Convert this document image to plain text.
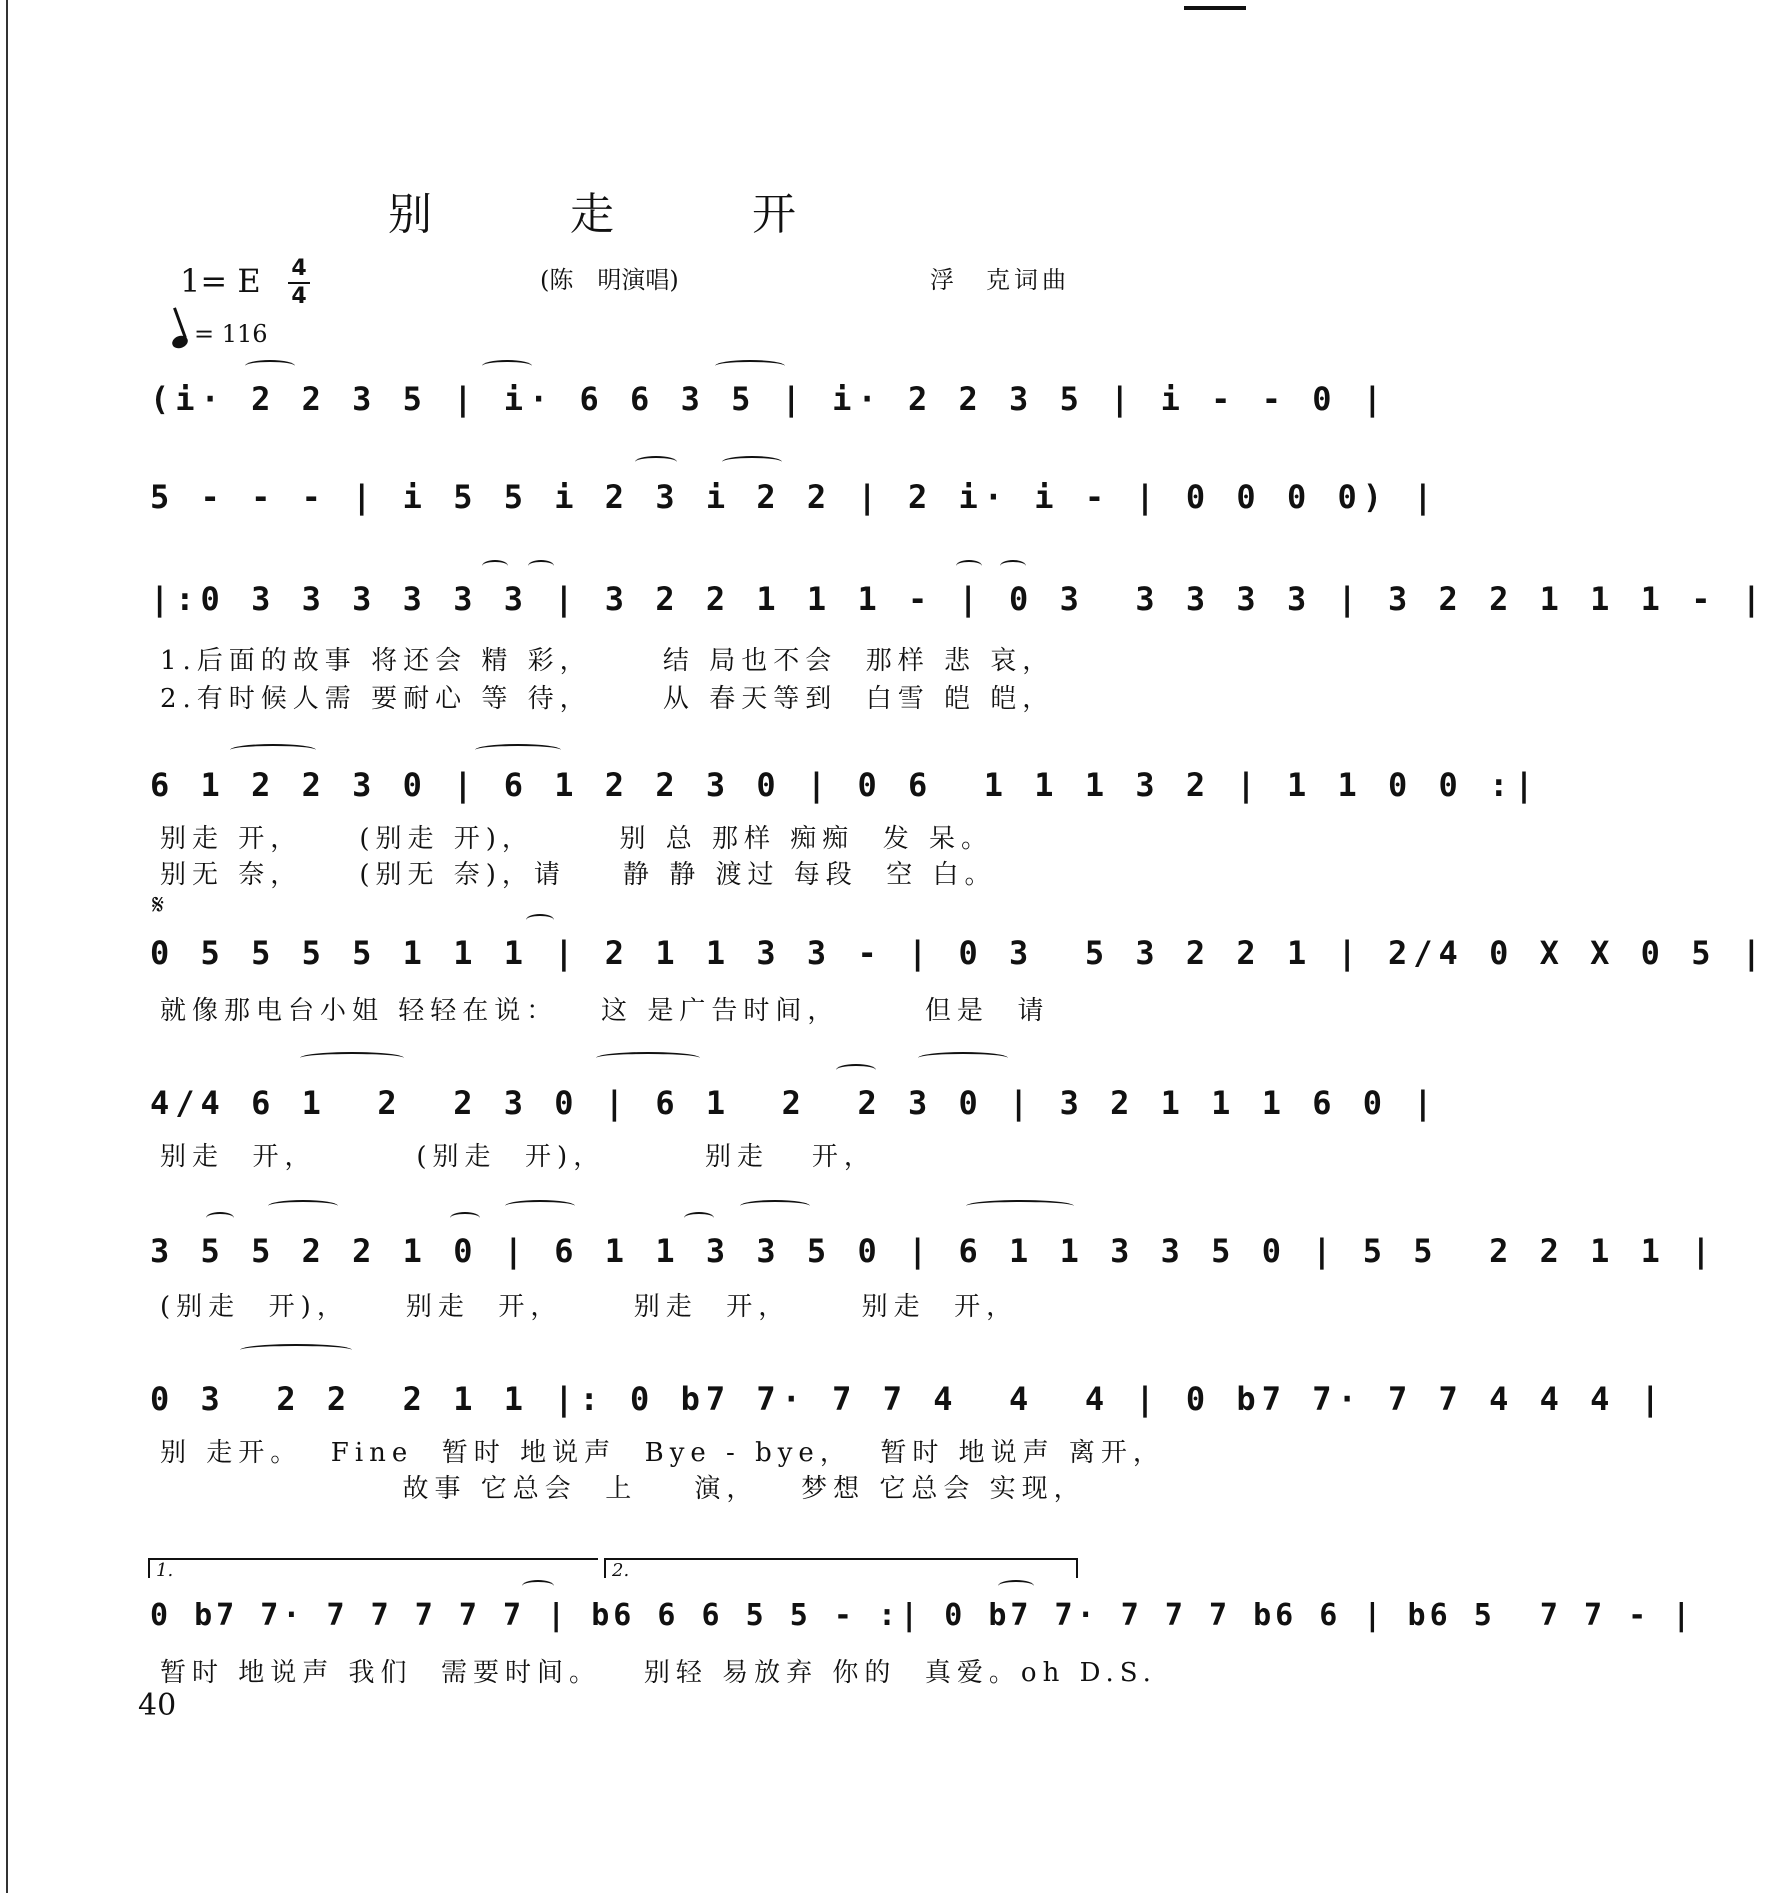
别 走 开
1= E 4
4
(陈　明演唱)	浮　克词曲
= 116
(i· 2 2 3 5 | i· 6 6 3 5 | i· 2 2 3 5 | i - - 0 |
5 - - - | i 5 5 i 2 3 i 2 2 | 2 i· i - | 0 0 0 0) |
|:0 3 3 3 3 3 3 | 3 2 2 1 1 1 - | 0 3  3 3 3 3 | 3 2 2 1 1 1 - |
1.后面的故事 将还会 精 彩，     结 局也不会  那样 悲 哀，
2.有时候人需 要耐心 等 待，     从 春天等到  白雪 皑 皑，
6 1 2 2 3 0 | 6 1 2 2 3 0 | 0 6  1 1 1 3 2 | 1 1 0 0 :|
别走 开，    (别走 开)，      别 总 那样 痴痴  发 呆。
别无 奈，    (别无 奈)，请    静 静 渡过 每段  空 白。
𝄋
0 5 5 5 5 1 1 1 | 2 1 1 3 3 - | 0 3  5 3 2 2 1 | 2/4 0 X X 0 5 |
就像那电台小姐 轻轻在说：   这 是广告时间，      但是  请
4/4 6 1  2  2 3 0 | 6 1  2  2 3 0 | 3 2 1 1 1 6 0 |
别走  开，       (别走  开)，       别走   开，
3 5 5 2 2 1 0 | 6 1 1 3 3 5 0 | 6 1 1 3 3 5 0 | 5 5  2 2 1 1 |
(别走  开)，    别走  开，     别走  开，     别走  开，
0 3  2 2  2 1 1 |: 0 b7 7· 7 7 4  4  4 | 0 b7 7· 7 7 4 4 4 |
别 走开。  Fine  暂时 地说声  Bye - bye，  暂时 地说声 离开，
故事 它总会  上    演，   梦想 它总会 实现，
1.	2.
0 b7 7· 7 7 7 7 7 | b6 6 6 5 5 - :| 0 b7 7· 7 7 7 b6 6 | b6 5  7 7 - |
暂时 地说声 我们  需要时间。   别轻 易放弃 你的  真爱。oh D.S.
40
